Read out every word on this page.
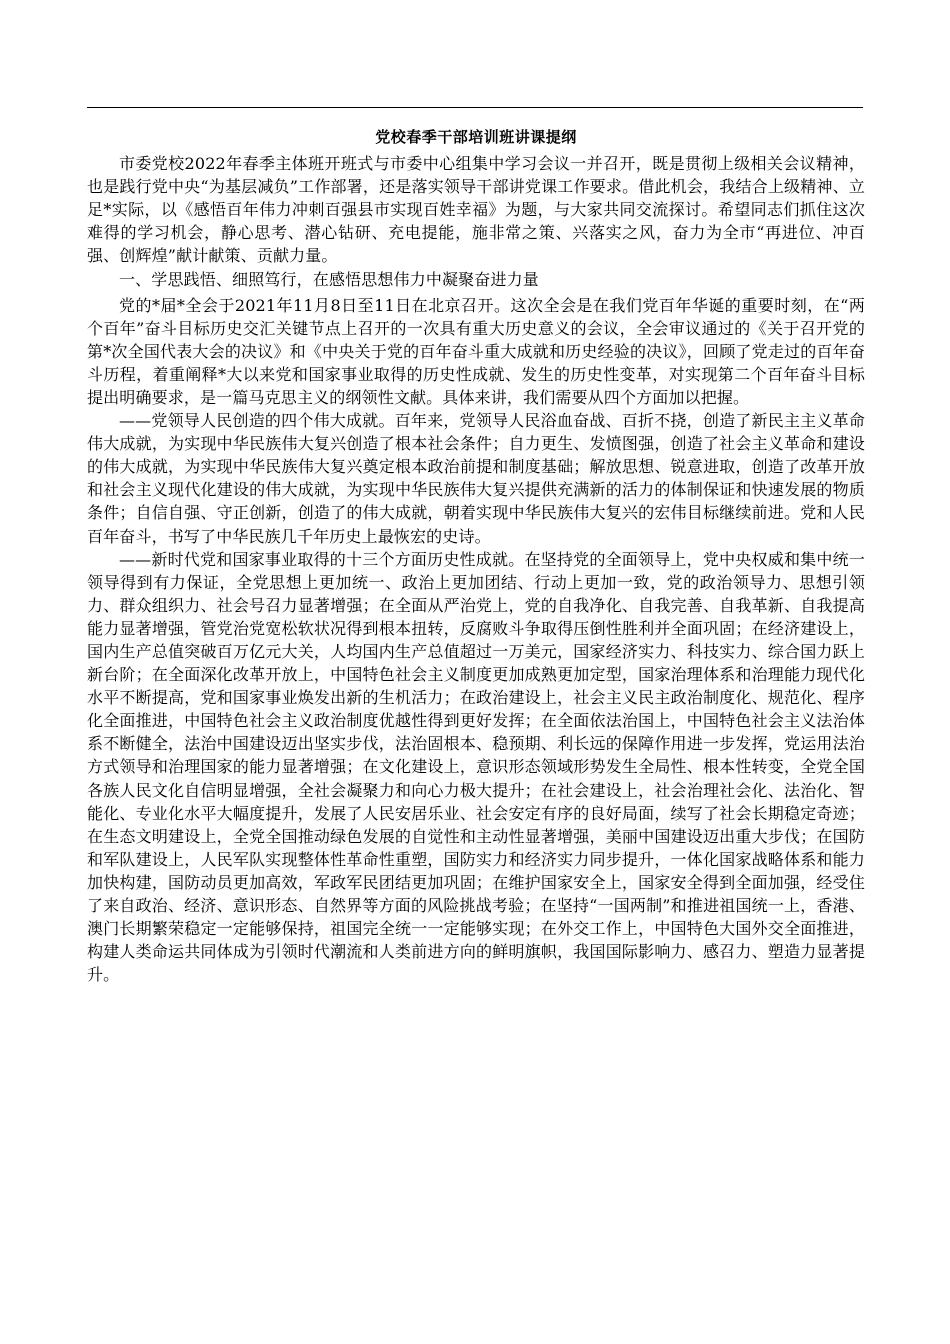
党校春季干部培训班讲课提纲

市委党校2022年春季主体班开班式与市委中心组集中学习会议一并召开，既是贯彻上级相关会议精神，也是践行党中央“为基层减负”工作部署，还是落实领导干部讲党课工作要求。借此机会，我结合上级精神、立足*实际，以《感悟百年伟力冲刺百强县市实现百姓幸福》为题，与大家共同交流探讨。希望同志们抓住这次难得的学习机会，静心思考、潜心钻研、充电提能，施非常之策、兴落实之风，奋力为全市“再进位、冲百强、创辉煌”献计献策、贡献力量。

一、学思践悟、细照笃行，在感悟思想伟力中凝聚奋进力量

党的*届*全会于2021年11月8日至11日在北京召开。这次全会是在我们党百年华诞的重要时刻，在“两个百年”奋斗目标历史交汇关键节点上召开的一次具有重大历史意义的会议，全会审议通过的《关于召开党的第*次全国代表大会的决议》和《中央关于党的百年奋斗重大成就和历史经验的决议》，回顾了党走过的百年奋斗历程，着重阐释*大以来党和国家事业取得的历史性成就、发生的历史性变革，对实现第二个百年奋斗目标提出明确要求，是一篇马克思主义的纲领性文献。具体来讲，我们需要从四个方面加以把握。

——党领导人民创造的四个伟大成就。百年来，党领导人民浴血奋战、百折不挠，创造了新民主主义革命伟大成就，为实现中华民族伟大复兴创造了根本社会条件；自力更生、发愤图强，创造了社会主义革命和建设的伟大成就，为实现中华民族伟大复兴奠定根本政治前提和制度基础；解放思想、锐意进取，创造了改革开放和社会主义现代化建设的伟大成就，为实现中华民族伟大复兴提供充满新的活力的体制保证和快速发展的物质条件；自信自强、守正创新，创造了的伟大成就，朝着实现中华民族伟大复兴的宏伟目标继续前进。党和人民百年奋斗，书写了中华民族几千年历史上最恢宏的史诗。

——新时代党和国家事业取得的十三个方面历史性成就。在坚持党的全面领导上，党中央权威和集中统一领导得到有力保证，全党思想上更加统一、政治上更加团结、行动上更加一致，党的政治领导力、思想引领力、群众组织力、社会号召力显著增强；在全面从严治党上，党的自我净化、自我完善、自我革新、自我提高能力显著增强，管党治党宽松软状况得到根本扭转，反腐败斗争取得压倒性胜利并全面巩固；在经济建设上，国内生产总值突破百万亿元大关，人均国内生产总值超过一万美元，国家经济实力、科技实力、综合国力跃上新台阶；在全面深化改革开放上，中国特色社会主义制度更加成熟更加定型，国家治理体系和治理能力现代化水平不断提高，党和国家事业焕发出新的生机活力；在政治建设上，社会主义民主政治制度化、规范化、程序化全面推进，中国特色社会主义政治制度优越性得到更好发挥；在全面依法治国上，中国特色社会主义法治体系不断健全，法治中国建设迈出坚实步伐，法治固根本、稳预期、利长远的保障作用进一步发挥，党运用法治方式领导和治理国家的能力显著增强；在文化建设上，意识形态领域形势发生全局性、根本性转变，全党全国各族人民文化自信明显增强，全社会凝聚力和向心力极大提升；在社会建设上，社会治理社会化、法治化、智能化、专业化水平大幅度提升，发展了人民安居乐业、社会安定有序的良好局面，续写了社会长期稳定奇迹；在生态文明建设上，全党全国推动绿色发展的自觉性和主动性显著增强，美丽中国建设迈出重大步伐；在国防和军队建设上，人民军队实现整体性革命性重塑，国防实力和经济实力同步提升，一体化国家战略体系和能力加快构建，国防动员更加高效，军政军民团结更加巩固；在维护国家安全上，国家安全得到全面加强，经受住了来自政治、经济、意识形态、自然界等方面的风险挑战考验；在坚持“一国两制”和推进祖国统一上，香港、澳门长期繁荣稳定一定能够保持，祖国完全统一一定能够实现；在外交工作上，中国特色大国外交全面推进，构建人类命运共同体成为引领时代潮流和人类前进方向的鲜明旗帜，我国国际影响力、感召力、塑造力显著提升。
